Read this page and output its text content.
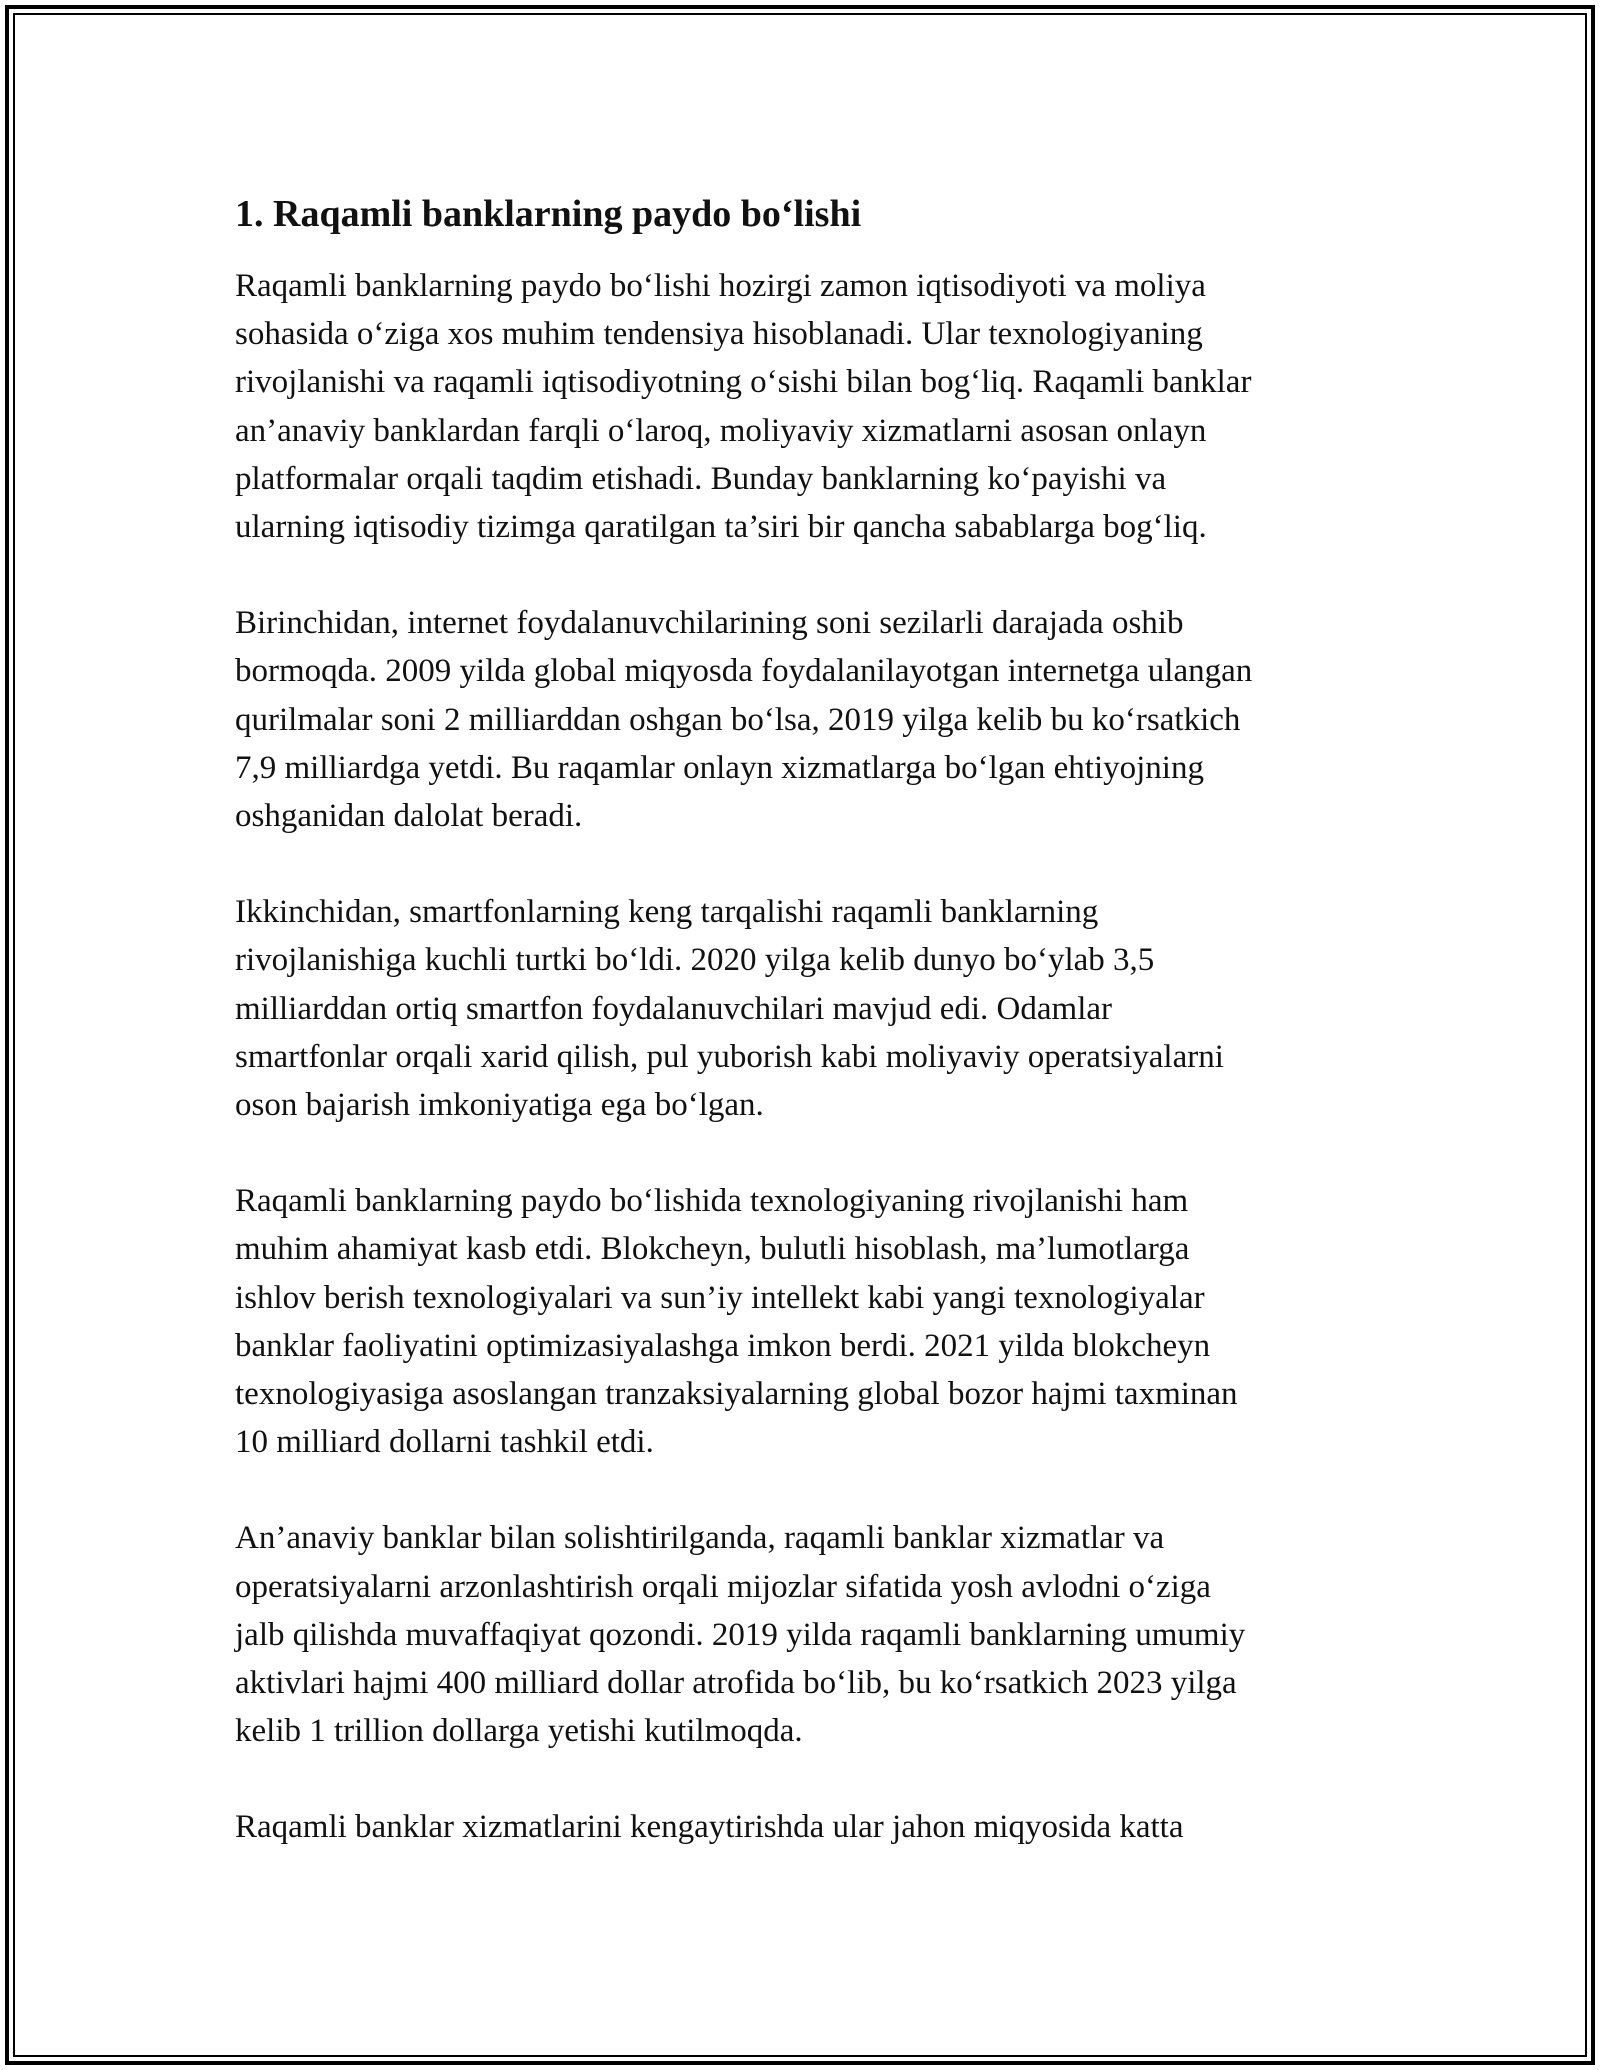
1. Raqamli banklarning paydo bo‘lishi

Raqamli banklarning paydo bo‘lishi hozirgi zamon iqtisodiyoti va moliya
sohasida o‘ziga xos muhim tendensiya hisoblanadi. Ular texnologiyaning
rivojlanishi va raqamli iqtisodiyotning o‘sishi bilan bog‘liq. Raqamli banklar
an’anaviy banklardan farqli o‘laroq, moliyaviy xizmatlarni asosan onlayn
platformalar orqali taqdim etishadi. Bunday banklarning ko‘payishi va
ularning iqtisodiy tizimga qaratilgan ta’siri bir qancha sabablarga bog‘liq.

Birinchidan, internet foydalanuvchilarining soni sezilarli darajada oshib
bormoqda. 2009 yilda global miqyosda foydalanilayotgan internetga ulangan
qurilmalar soni 2 milliarddan oshgan bo‘lsa, 2019 yilga kelib bu ko‘rsatkich
7,9 milliardga yetdi. Bu raqamlar onlayn xizmatlarga bo‘lgan ehtiyojning
oshganidan dalolat beradi.

Ikkinchidan, smartfonlarning keng tarqalishi raqamli banklarning
rivojlanishiga kuchli turtki bo‘ldi. 2020 yilga kelib dunyo bo‘ylab 3,5
milliarddan ortiq smartfon foydalanuvchilari mavjud edi. Odamlar
smartfonlar orqali xarid qilish, pul yuborish kabi moliyaviy operatsiyalarni
oson bajarish imkoniyatiga ega bo‘lgan.

Raqamli banklarning paydo bo‘lishida texnologiyaning rivojlanishi ham
muhim ahamiyat kasb etdi. Blokcheyn, bulutli hisoblash, ma’lumotlarga
ishlov berish texnologiyalari va sun’iy intellekt kabi yangi texnologiyalar
banklar faoliyatini optimizasiyalashga imkon berdi. 2021 yilda blokcheyn
texnologiyasiga asoslangan tranzaksiyalarning global bozor hajmi taxminan
10 milliard dollarni tashkil etdi.

An’anaviy banklar bilan solishtirilganda, raqamli banklar xizmatlar va
operatsiyalarni arzonlashtirish orqali mijozlar sifatida yosh avlodni o‘ziga
jalb qilishda muvaffaqiyat qozondi. 2019 yilda raqamli banklarning umumiy
aktivlari hajmi 400 milliard dollar atrofida bo‘lib, bu ko‘rsatkich 2023 yilga
kelib 1 trillion dollarga yetishi kutilmoqda.

Raqamli banklar xizmatlarini kengaytirishda ular jahon miqyosida katta
